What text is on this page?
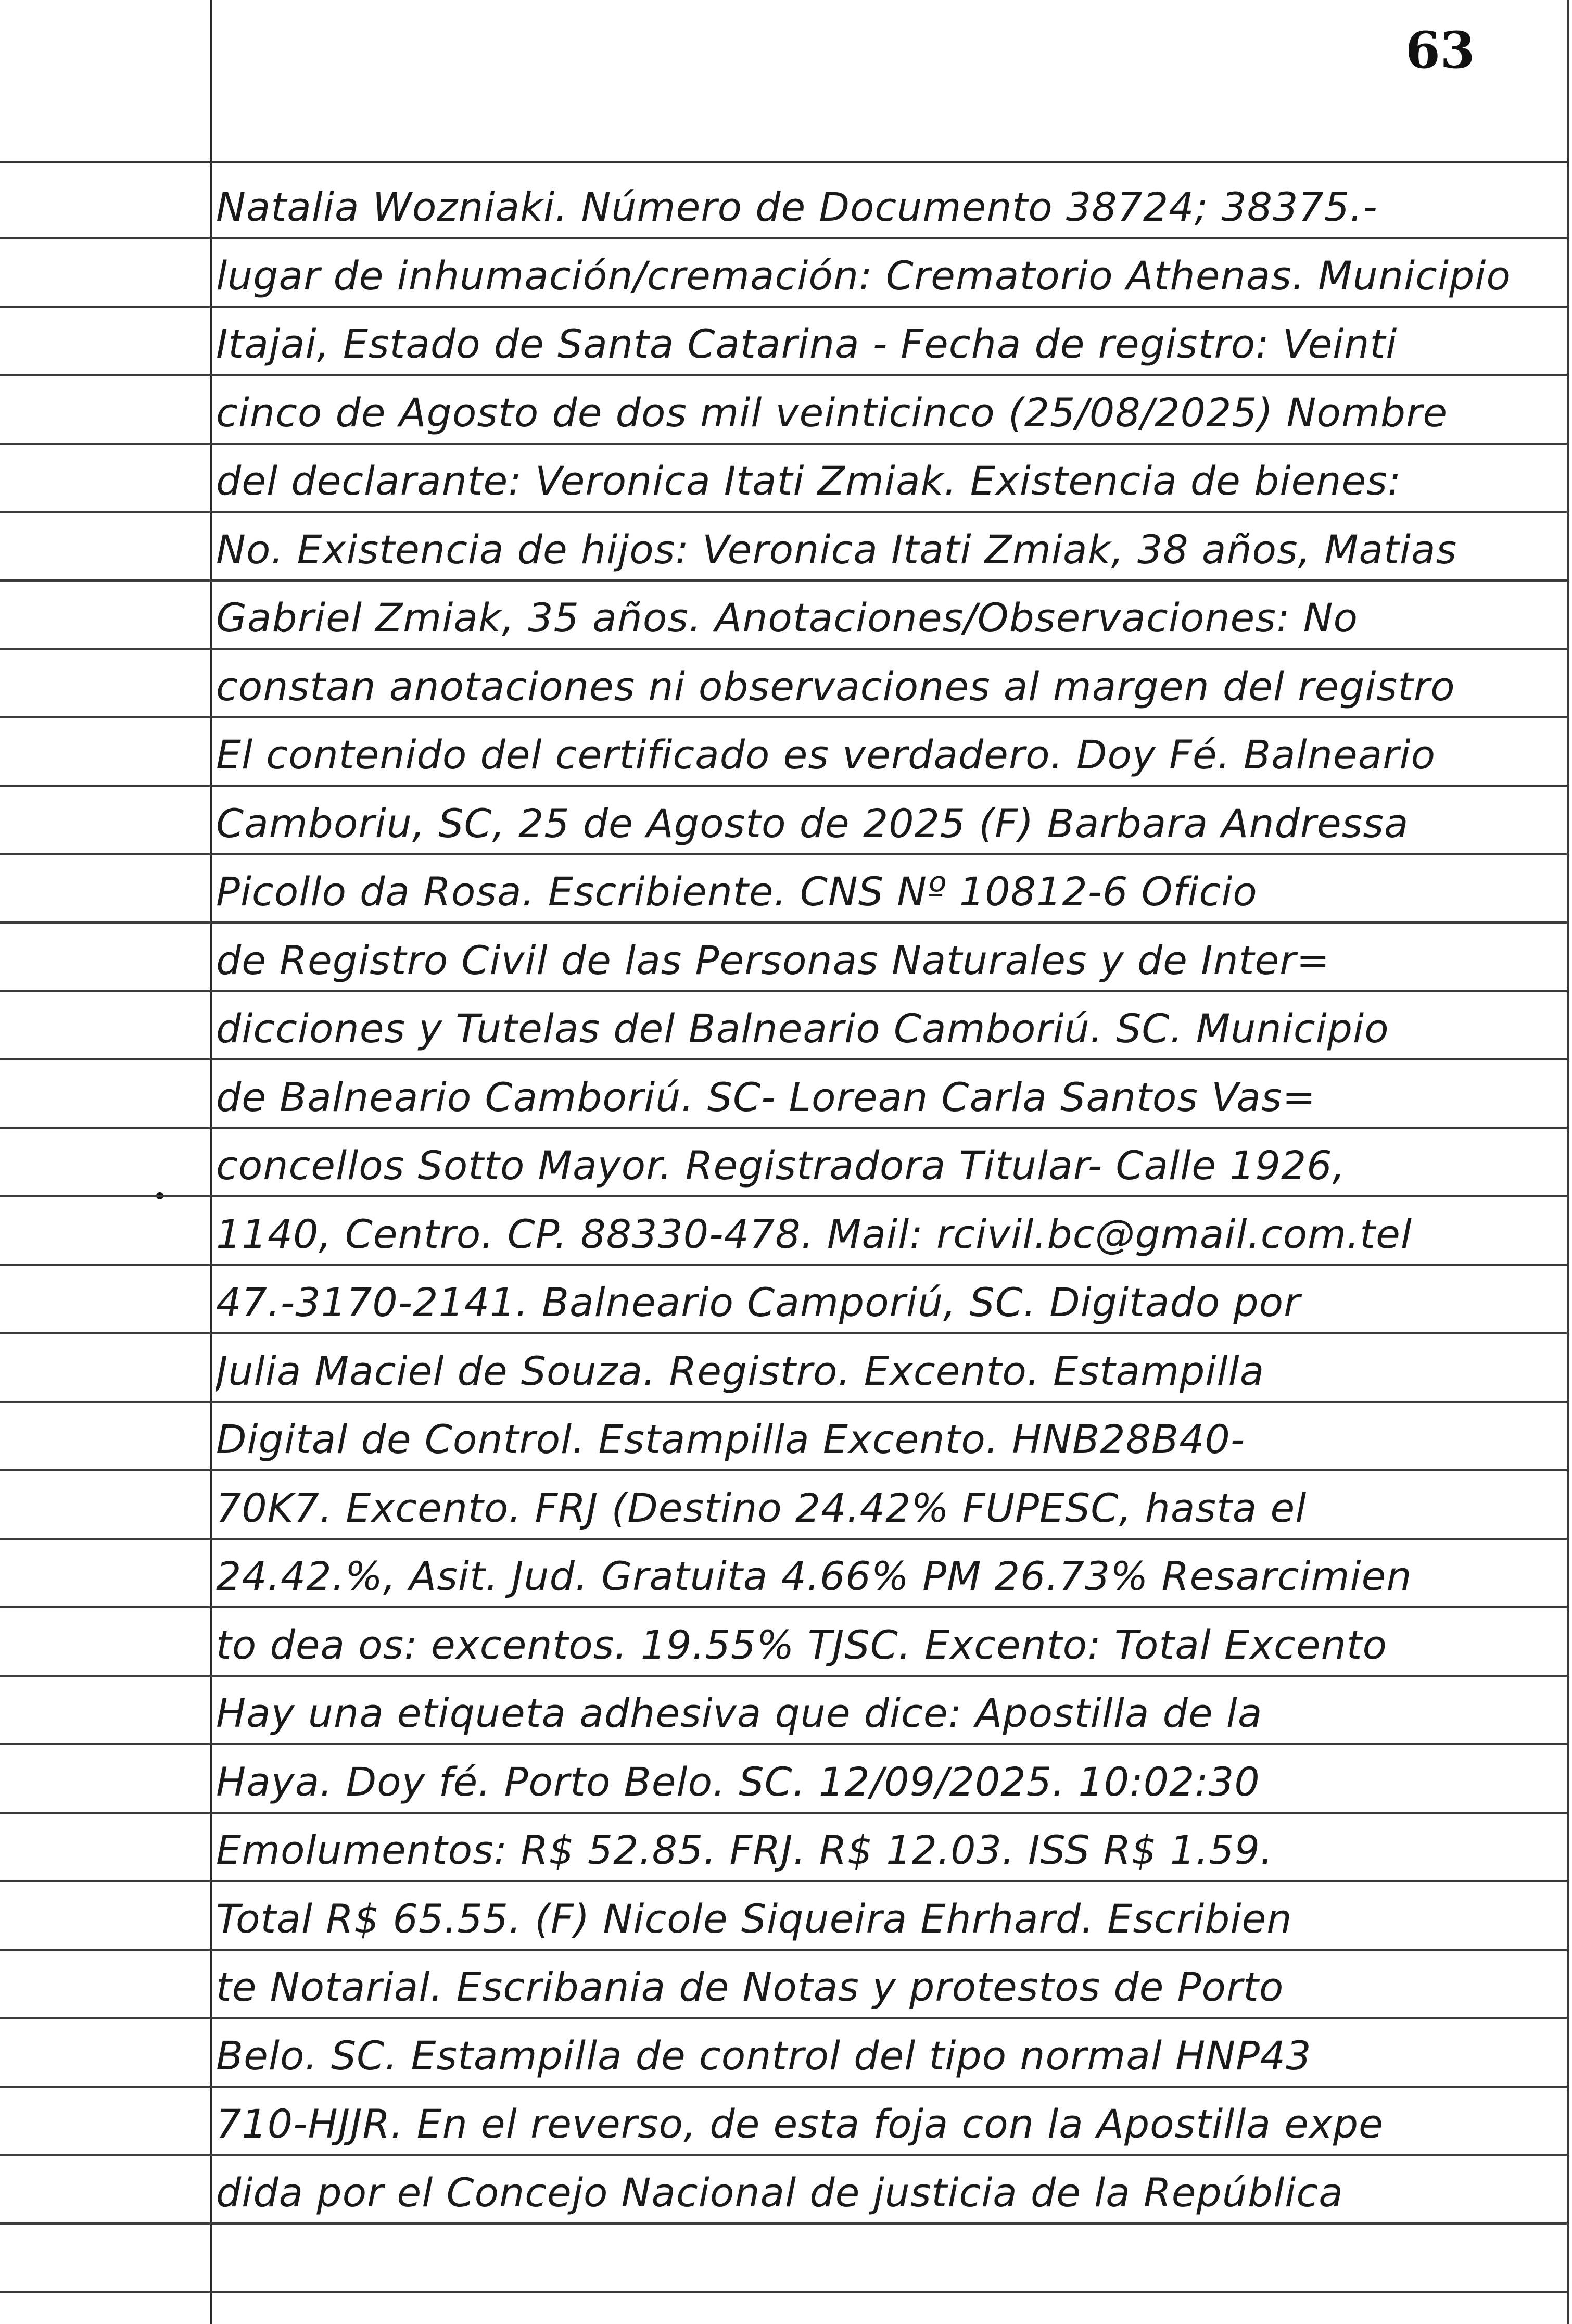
63
Natalia Wozniaki. Número de Documento 38724; 38375.-
lugar de inhumación/cremación: Crematorio Athenas. Municipio
Itajai, Estado de Santa Catarina - Fecha de registro: Veinti
cinco de Agosto de dos mil veinticinco (25/08/2025) Nombre
del declarante: Veronica Itati Zmiak. Existencia de bienes:
No. Existencia de hijos: Veronica Itati Zmiak, 38 años, Matias
Gabriel Zmiak, 35 años. Anotaciones/Observaciones: No
constan anotaciones ni observaciones al margen del registro
El contenido del certificado es verdadero. Doy Fé. Balneario
Camboriu, SC, 25 de Agosto de 2025 (F) Barbara Andressa
Picollo da Rosa. Escribiente. CNS Nº 10812-6 Oficio
de Registro Civil de las Personas Naturales y de Inter=
dicciones y Tutelas del Balneario Camboriú. SC. Municipio
de Balneario Camboriú. SC- Lorean Carla Santos Vas=
concellos Sotto Mayor. Registradora Titular- Calle 1926,
1140, Centro. CP. 88330-478. Mail: rcivil.bc@gmail.com.tel
47.-3170-2141. Balneario Camporiú, SC. Digitado por
Julia Maciel de Souza. Registro. Excento. Estampilla
Digital de Control. Estampilla Excento. HNB28B40-
70K7. Excento. FRJ (Destino 24.42% FUPESC, hasta el
24.42.%, Asit. Jud. Gratuita 4.66% PM 26.73% Resarcimien
to dea os: excentos. 19.55% TJSC. Excento: Total Excento
Hay una etiqueta adhesiva que dice: Apostilla de la
Haya. Doy fé. Porto Belo. SC. 12/09/2025. 10:02:30
Emolumentos: R$ 52.85. FRJ. R$ 12.03. ISS R$ 1.59.
Total R$ 65.55. (F) Nicole Siqueira Ehrhard. Escribien
te Notarial. Escribania de Notas y protestos de Porto
Belo. SC. Estampilla de control del tipo normal HNP43
710-HJJR. En el reverso, de esta foja con la Apostilla expe
dida por el Concejo Nacional de justicia de la República
